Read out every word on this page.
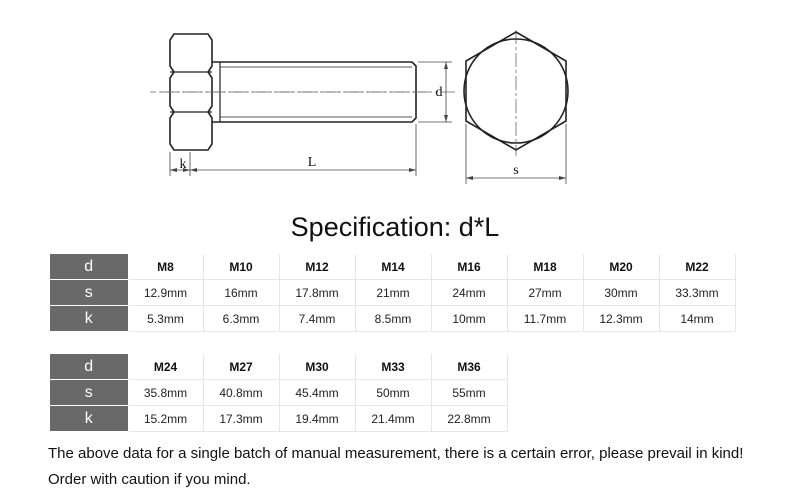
k	L
d
s
Specification: d*L
d	M8	M10	M12	M14	M16	M18	M20	M22
s	12.9mm	16mm	17.8mm	21mm	24mm	27mm	30mm	33.3mm
k	5.3mm	6.3mm	7.4mm	8.5mm	10mm	11.7mm	12.3mm	14mm
d	M24	M27	M30	M33	M36
s	35.8mm	40.8mm	45.4mm	50mm	55mm
k	15.2mm	17.3mm	19.4mm	21.4mm	22.8mm
The above data for a single batch of manual measurement, there is a certain error, please prevail in kind! Order with caution if you mind.
